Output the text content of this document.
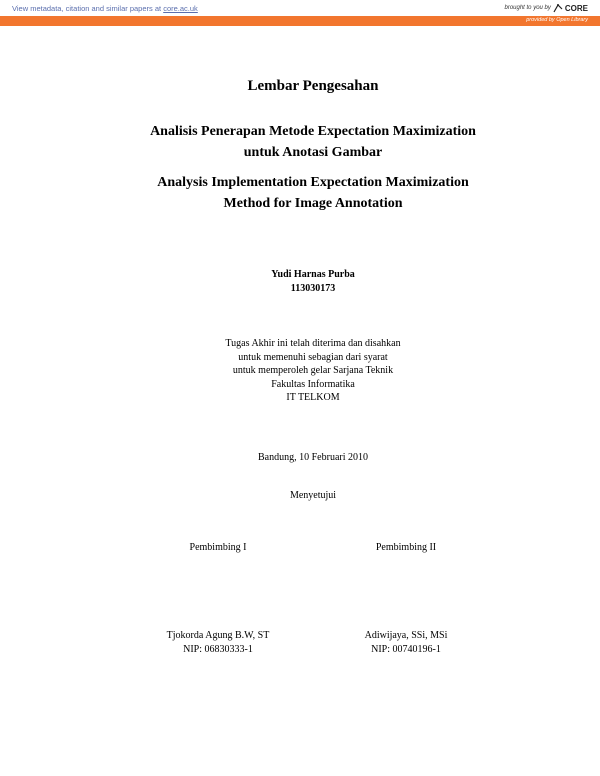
View metadata, citation and similar papers at core.ac.uk	brought to you by CORE
provided by Open Library
Lembar Pengesahan
Analisis Penerapan Metode Expectation Maximization
untuk Anotasi Gambar
Analysis Implementation Expectation Maximization
Method for Image Annotation
Yudi Harnas Purba
113030173
Tugas Akhir ini telah diterima dan disahkan
untuk memenuhi sebagian dari syarat
untuk memperoleh gelar Sarjana Teknik
Fakultas Informatika
IT TELKOM
Bandung, 10 Februari 2010
Menyetujui
Pembimbing I	Pembimbing II
Tjokorda Agung B.W, ST
NIP: 06830333-1
Adiwijaya, SSi, MSi
NIP: 00740196-1
